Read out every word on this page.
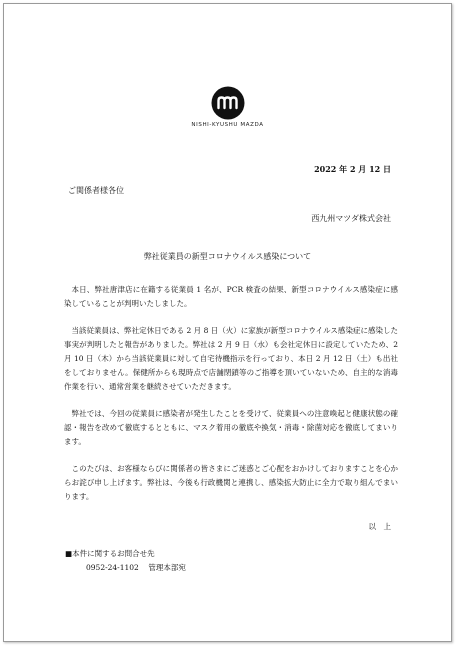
NISHI-KYUSHU MAZDA
2022 年 2 月 12 日
ご関係者様各位
西九州マツダ株式会社
弊社従業員の新型コロナウイルス感染について

本日、弊社唐津店に在籍する従業員 1 名が、PCR 検査の結果、新型コロナウイルス感染症に感染していることが判明いたしました。

当該従業員は、弊社定休日である 2 月 8 日（火）に家族が新型コロナウイルス感染症に感染した事実が判明したと報告がありました。弊社は 2 月 9 日（水）も会社定休日に設定していたため、2 月 10 日（木）から当該従業員に対して自宅待機指示を行っており、本日 2 月 12 日（土）も出社をしておりません。保健所からも現時点で店舗閉鎖等のご指導を頂いていないため、自主的な消毒作業を行い、通常営業を継続させていただきます。

弊社では、今回の従業員に感染者が発生したことを受けて、従業員への注意喚起と健康状態の確認・報告を改めて徹底するとともに、マスク着用の徹底や換気・消毒・除菌対応を徹底してまいります。

このたびは、お客様ならびに関係者の皆さまにご迷惑とご心配をおかけしておりますことを心からお詫び申し上げます。弊社は、今後も行政機関と連携し、感染拡大防止に全力で取り組んでまいります。

以　上
■本件に関するお問合せ先
0952-24-1102 管理本部宛
